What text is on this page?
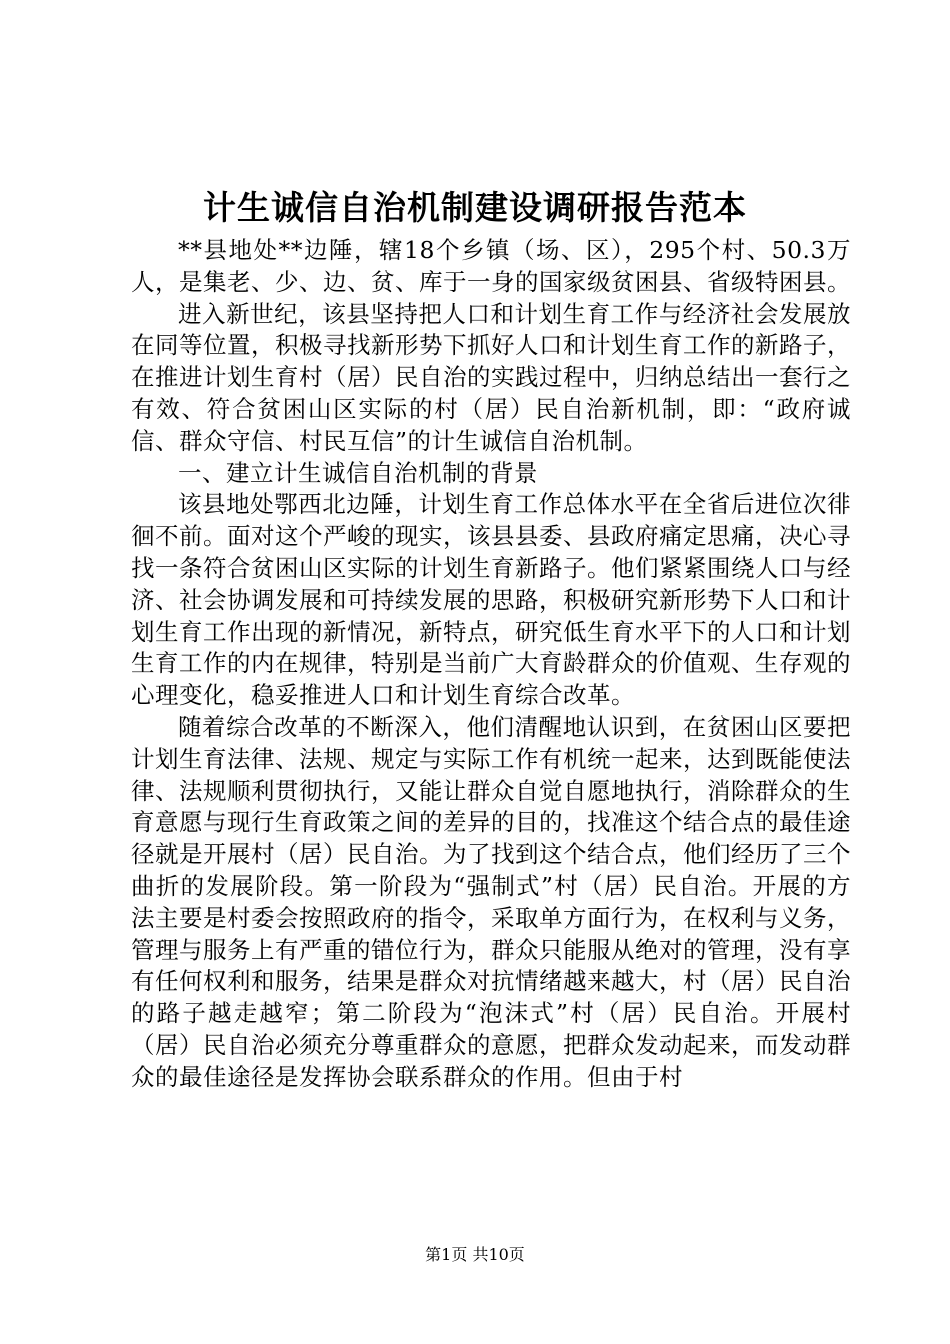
计生诚信自治机制建设调研报告范本

**县地处**边陲，辖18个乡镇（场、区），295个村、50.3万人，是集老、少、边、贫、库于一身的国家级贫困县、省级特困县。

进入新世纪，该县坚持把人口和计划生育工作与经济社会发展放在同等位置，积极寻找新形势下抓好人口和计划生育工作的新路子，在推进计划生育村（居）民自治的实践过程中，归纳总结出一套行之有效、符合贫困山区实际的村（居）民自治新机制，即：“政府诚信、群众守信、村民互信”的计生诚信自治机制。

一、建立计生诚信自治机制的背景

该县地处鄂西北边陲，计划生育工作总体水平在全省后进位次徘徊不前。面对这个严峻的现实，该县县委、县政府痛定思痛，决心寻找一条符合贫困山区实际的计划生育新路子。他们紧紧围绕人口与经济、社会协调发展和可持续发展的思路，积极研究新形势下人口和计划生育工作出现的新情况，新特点，研究低生育水平下的人口和计划生育工作的内在规律，特别是当前广大育龄群众的价值观、生存观的心理变化，稳妥推进人口和计划生育综合改革。

随着综合改革的不断深入，他们清醒地认识到，在贫困山区要把计划生育法律、法规、规定与实际工作有机统一起来，达到既能使法律、法规顺利贯彻执行，又能让群众自觉自愿地执行，消除群众的生育意愿与现行生育政策之间的差异的目的，找准这个结合点的最佳途径就是开展村（居）民自治。为了找到这个结合点，他们经历了三个曲折的发展阶段。第一阶段为“强制式”村（居）民自治。开展的方法主要是村委会按照政府的指令，采取单方面行为，在权利与义务，管理与服务上有严重的错位行为，群众只能服从绝对的管理，没有享有任何权利和服务，结果是群众对抗情绪越来越大，村（居）民自治的路子越走越窄；第二阶段为“泡沫式”村（居）民自治。开展村（居）民自治必须充分尊重群众的意愿，把群众发动起来，而发动群众的最佳途径是发挥协会联系群众的作用。但由于村

第1页 共10页
